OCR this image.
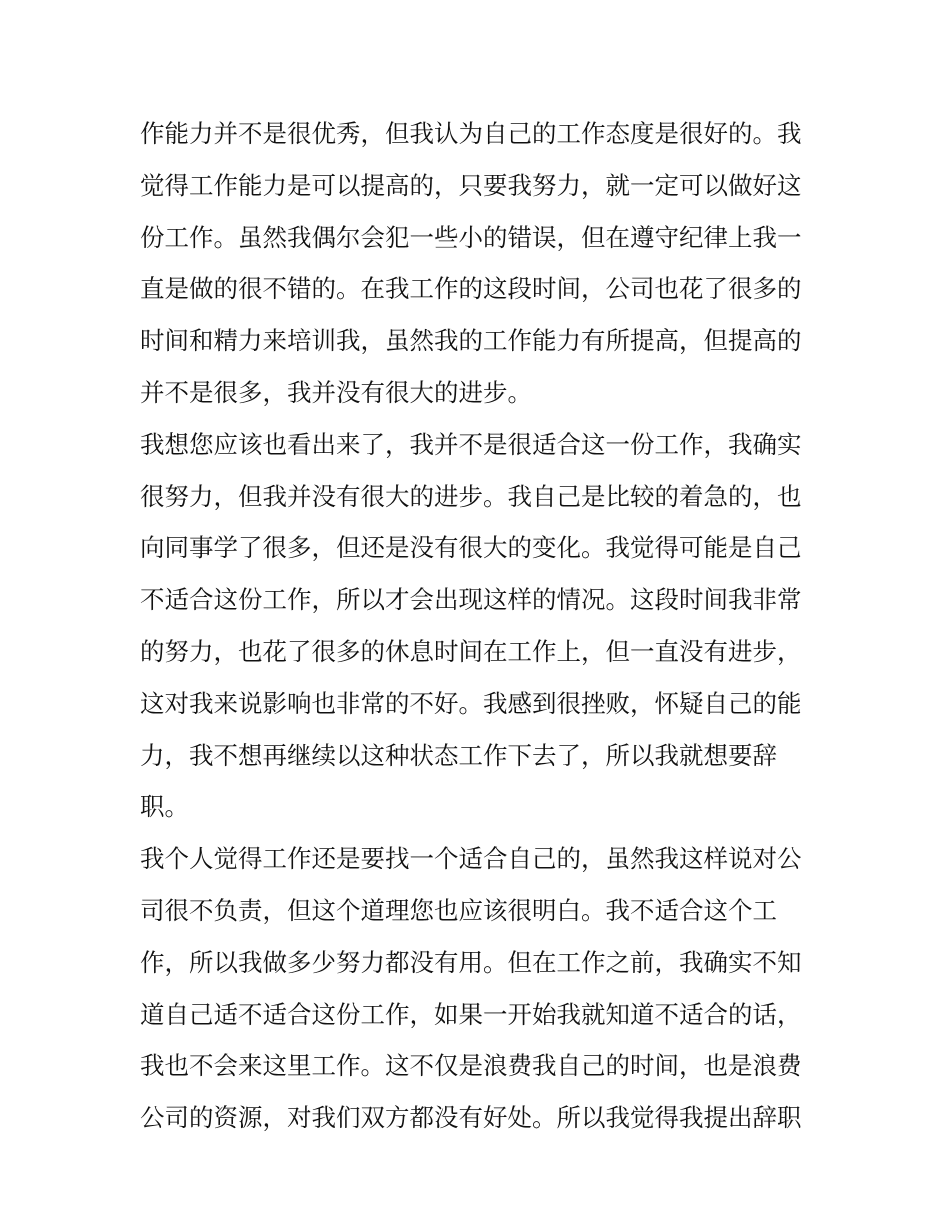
作能力并不是很优秀，但我认为自己的工作态度是很好的。我
觉得工作能力是可以提高的，只要我努力，就一定可以做好这
份工作。虽然我偶尔会犯一些小的错误，但在遵守纪律上我一
直是做的很不错的。在我工作的这段时间，公司也花了很多的
时间和精力来培训我，虽然我的工作能力有所提高，但提高的
并不是很多，我并没有很大的进步。
我想您应该也看出来了，我并不是很适合这一份工作，我确实
很努力，但我并没有很大的进步。我自己是比较的着急的，也
向同事学了很多，但还是没有很大的变化。我觉得可能是自己
不适合这份工作，所以才会出现这样的情况。这段时间我非常
的努力，也花了很多的休息时间在工作上，但一直没有进步，
这对我来说影响也非常的不好。我感到很挫败，怀疑自己的能
力，我不想再继续以这种状态工作下去了，所以我就想要辞
职。
我个人觉得工作还是要找一个适合自己的，虽然我这样说对公
司很不负责，但这个道理您也应该很明白。我不适合这个工
作，所以我做多少努力都没有用。但在工作之前，我确实不知
道自己适不适合这份工作，如果一开始我就知道不适合的话，
我也不会来这里工作。这不仅是浪费我自己的时间，也是浪费
公司的资源，对我们双方都没有好处。所以我觉得我提出辞职
